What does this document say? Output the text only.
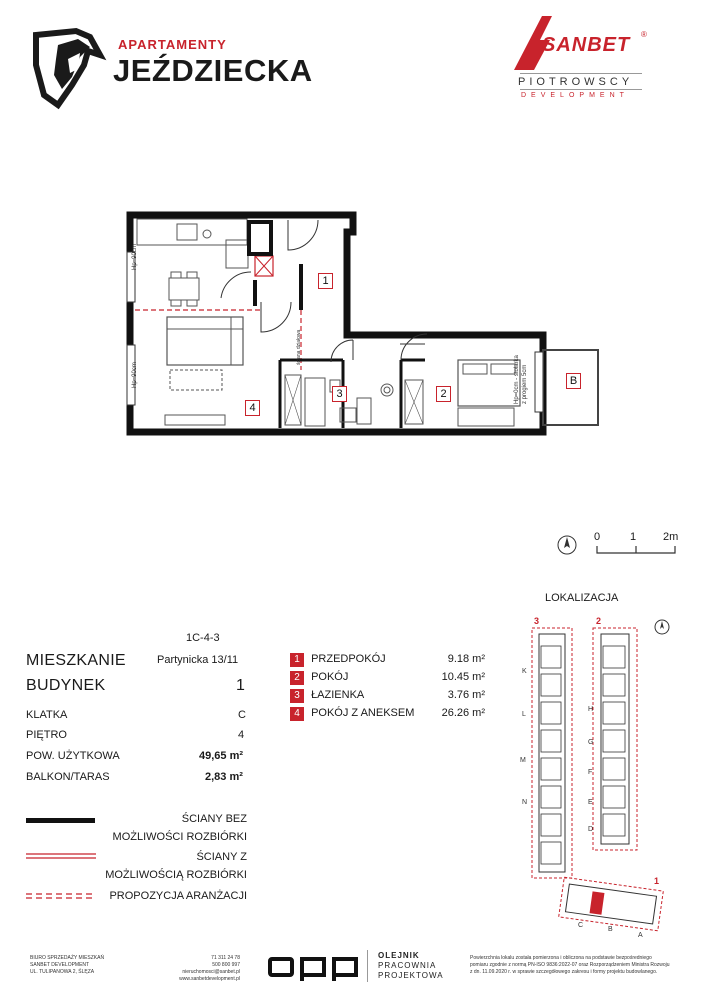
APARTAMENTY
JEŹDZIECKA
SANBET ®
PIOTROWSCY
DEVELOPMENT
1
2
3
4
B
Hp=90cm
Hp=90cm	Hp=0cm - stolarka z progiem 5cm
ściana działowa
0	1 2m
1C-4-3
MIESZKANIE	Partynicka 13/11
BUDYNEK	1
KLATKA	C
PIĘTRO	4
POW. UŻYTKOWA	49,65 m²
BALKON/TARAS	2,83 m²
1 PRZEDPOKÓJ	9.18 m²
2 POKÓJ	10.45 m²
3 ŁAZIENKA	3.76 m²
4 POKÓJ Z ANEKSEM 26.26 m²
ŚCIANY BEZ
MOŻLIWOŚCI ROZBIÓRKI
ŚCIANY Z
MOŻLIWOŚCIĄ ROZBIÓRKI
PROPOZYCJA ARANŻACJI
LOKALIZACJA
3	2
K
L
M
N
H
G
F
E
D
C
B
A
1
BIURO SPRZEDAŻY MIESZKAŃ
SANBET DEVELOPMENT
UL. TULIPANOWA 2, ŚLĘZA
71 311 24 78
500 800 997
nieruchomosci@sanbet.pl
www.sanbetdevelopment.pl
OLEJNIK
PRACOWNIA
PROJEKTOWA
Powierzchnia lokalu została pomierzona i obliczona na podstawie bezpośredniego
pomiaru zgodnie z normą PN-ISO 9836:2022-07 oraz Rozporządzeniem Ministra Rozwoju
z dn. 11.09.2020 r. w sprawie szczegółowego zakresu i formy projektu budowlanego.
